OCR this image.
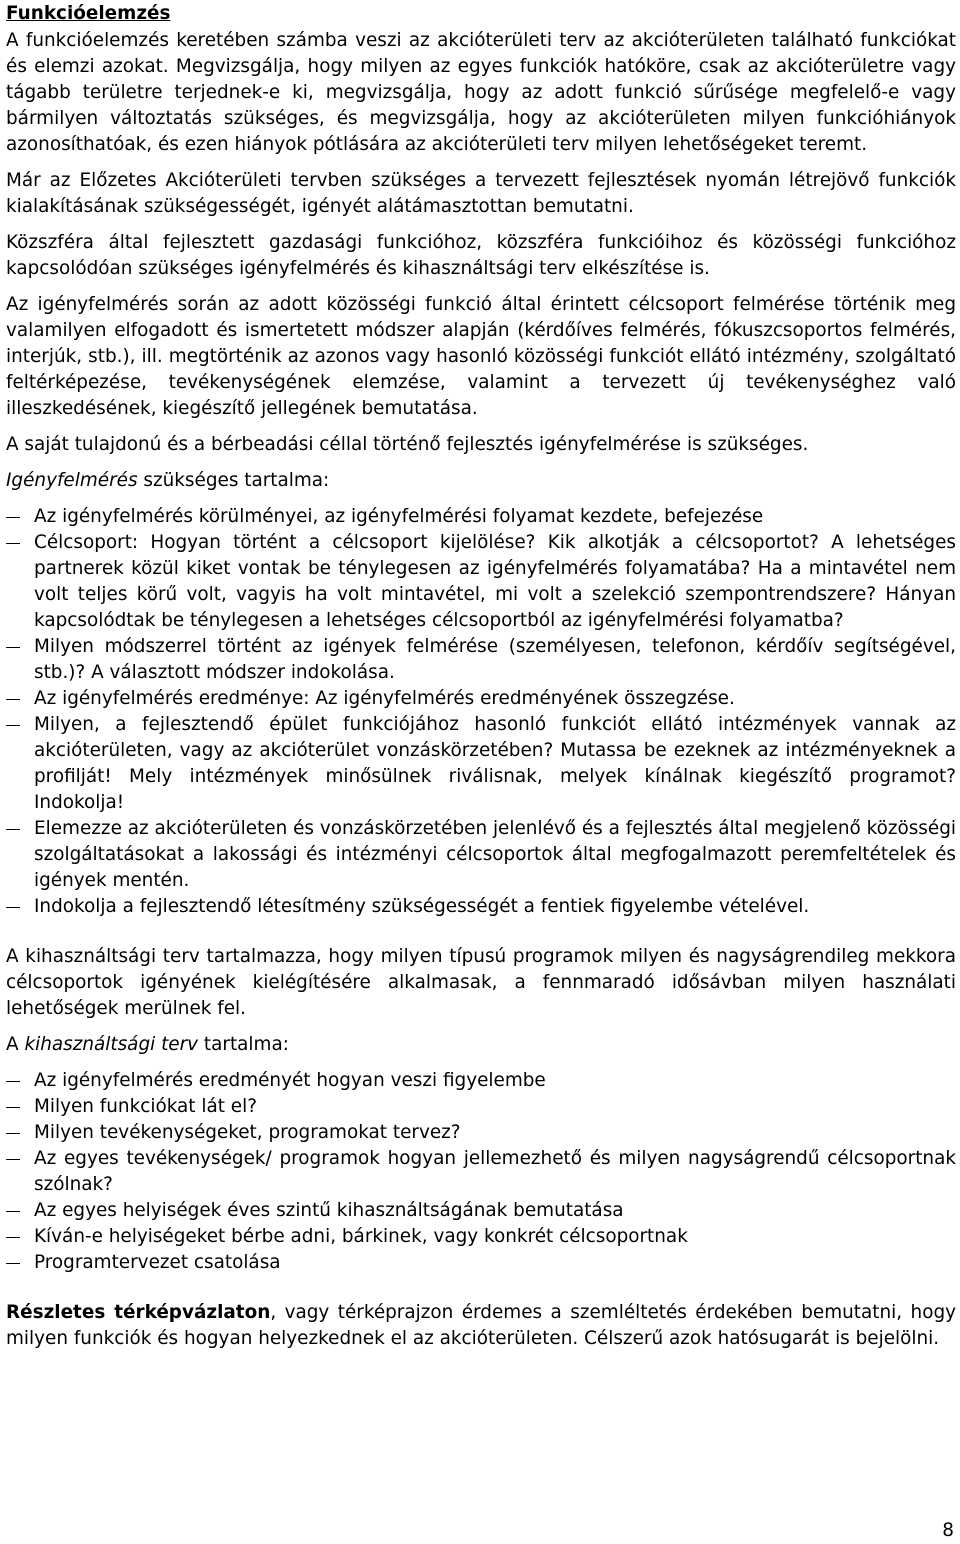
Funkcióelemzés

A funkcióelemzés keretében számba veszi az akcióterületi terv az akcióterületen található funkciókat és elemzi azokat. Megvizsgálja, hogy milyen az egyes funkciók hatóköre, csak az akcióterületre vagy tágabb területre terjednek-e ki, megvizsgálja, hogy az adott funkció sűrűsége megfelelő-e vagy bármilyen változtatás szükséges, és megvizsgálja, hogy az akcióterületen milyen funkcióhiányok azonosíthatóak, és ezen hiányok pótlására az akcióterületi terv milyen lehetőségeket teremt.

Már az Előzetes Akcióterületi tervben szükséges a tervezett fejlesztések nyomán létrejövő funkciók kialakításának szükségességét, igényét alátámasztottan bemutatni.

Közszféra által fejlesztett gazdasági funkcióhoz, közszféra funkcióihoz és közösségi funkcióhoz kapcsolódóan szükséges igényfelmérés és kihasználtsági terv elkészítése is.

Az igényfelmérés során az adott közösségi funkció által érintett célcsoport felmérése történik meg valamilyen elfogadott és ismertetett módszer alapján (kérdőíves felmérés, fókuszcsoportos felmérés, interjúk, stb.), ill. megtörténik az azonos vagy hasonló közösségi funkciót ellátó intézmény, szolgáltató feltérképezése, tevékenységének elemzése, valamint a tervezett új tevékenységhez való illeszkedésének, kiegészítő jellegének bemutatása.

A saját tulajdonú és a bérbeadási céllal történő fejlesztés igényfelmérése is szükséges.

Igényfelmérés szükséges tartalma:

Az igényfelmérés körülményei, az igényfelmérési folyamat kezdete, befejezése
Célcsoport: Hogyan történt a célcsoport kijelölése? Kik alkotják a célcsoportot? A lehetséges partnerek közül kiket vontak be ténylegesen az igényfelmérés folyamatába? Ha a mintavétel nem volt teljes körű volt, vagyis ha volt mintavétel, mi volt a szelekció szempontrendszere? Hányan kapcsolódtak be ténylegesen a lehetséges célcsoportból az igényfelmérési folyamatba?
Milyen módszerrel történt az igények felmérése (személyesen, telefonon, kérdőív segítségével, stb.)? A választott módszer indokolása.
Az igényfelmérés eredménye: Az igényfelmérés eredményének összegzése.
Milyen, a fejlesztendő épület funkciójához hasonló funkciót ellátó intézmények vannak az akcióterületen, vagy az akcióterület vonzáskörzetében? Mutassa be ezeknek az intézményeknek a profilját! Mely intézmények minősülnek riválisnak, melyek kínálnak kiegészítő programot? Indokolja!
Elemezze az akcióterületen és vonzáskörzetében jelenlévő és a fejlesztés által megjelenő közösségi szolgáltatásokat a lakossági és intézményi célcsoportok által megfogalmazott peremfeltételek és igények mentén.
Indokolja a fejlesztendő létesítmény szükségességét a fentiek figyelembe vételével.

A kihasználtsági terv tartalmazza, hogy milyen típusú programok milyen és nagyságrendileg mekkora célcsoportok igényének kielégítésére alkalmasak, a fennmaradó idősávban milyen használati lehetőségek merülnek fel.

A kihasználtsági terv tartalma:

Az igényfelmérés eredményét hogyan veszi figyelembe
Milyen funkciókat lát el?
Milyen tevékenységeket, programokat tervez?
Az egyes tevékenységek/ programok hogyan jellemezhető és milyen nagyságrendű célcsoportnak szólnak?
Az egyes helyiségek éves szintű kihasználtságának bemutatása
Kíván-e helyiségeket bérbe adni, bárkinek, vagy konkrét célcsoportnak
Programtervezet csatolása

Részletes térképvázlaton, vagy térképrajzon érdemes a szemléltetés érdekében bemutatni, hogy milyen funkciók és hogyan helyezkednek el az akcióterületen. Célszerű azok hatósugarát is bejelölni.

8
